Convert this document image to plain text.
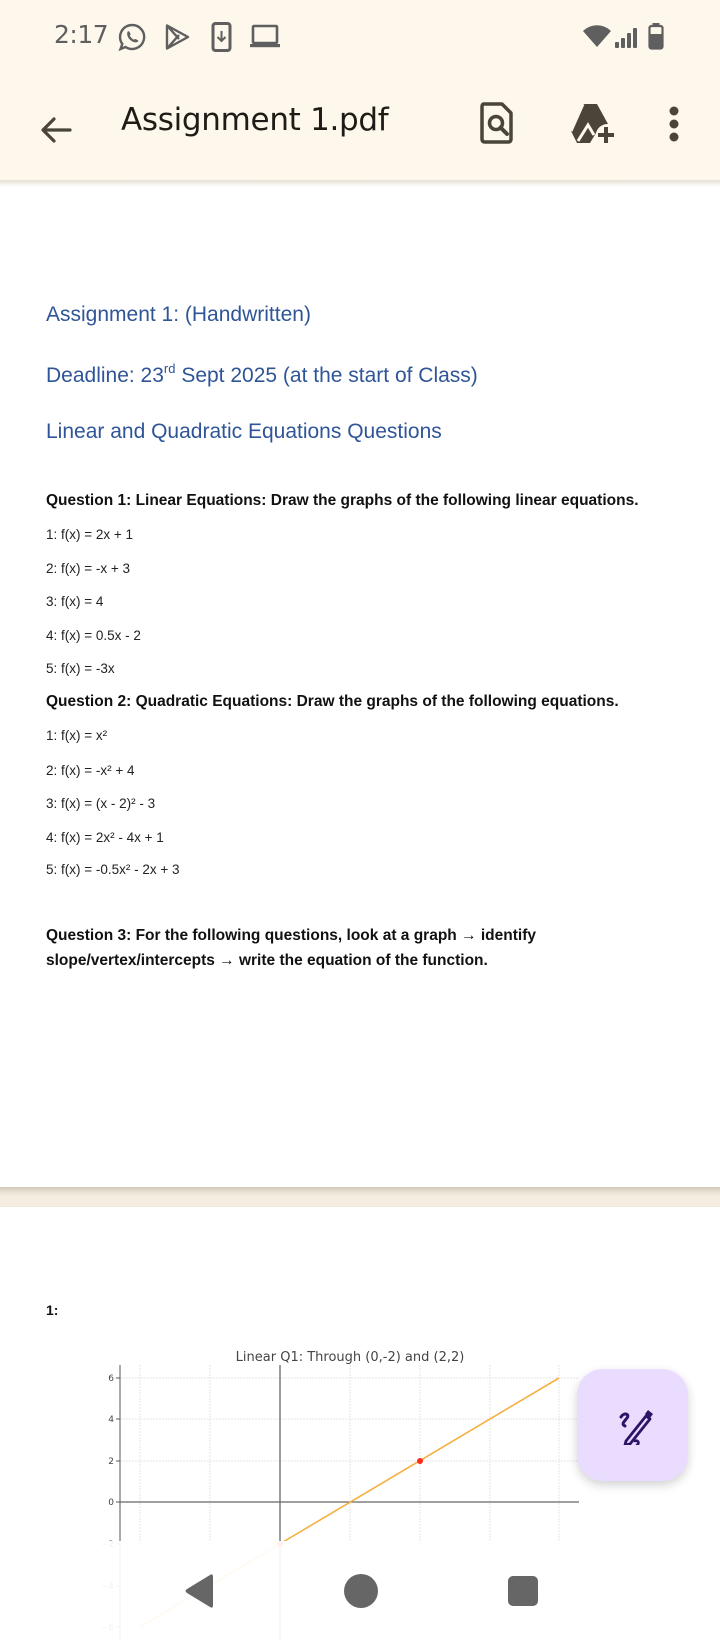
2:17
Assignment 1.pdf
Assignment 1: (Handwritten)
Deadline: 23rd Sept 2025 (at the start of Class)
Linear and Quadratic Equations Questions
Question 1: Linear Equations: Draw the graphs of the following linear equations.
1: f(x) = 2x + 1
2: f(x) = -x + 3
3: f(x) = 4
4: f(x) = 0.5x - 2
5: f(x) = -3x
Question 2: Quadratic Equations: Draw the graphs of the following equations.
1: f(x) = x²
2: f(x) = -x² + 4
3: f(x) = (x - 2)² - 3
4: f(x) = 2x² - 4x + 1
5: f(x) = -0.5x² - 2x + 3
Question 3: For the following questions, look at a graph → identify
slope/vertex/intercepts → write the equation of the function.
1:
Linear Q1: Through (0,-2) and (2,2)
6
4
2
0
